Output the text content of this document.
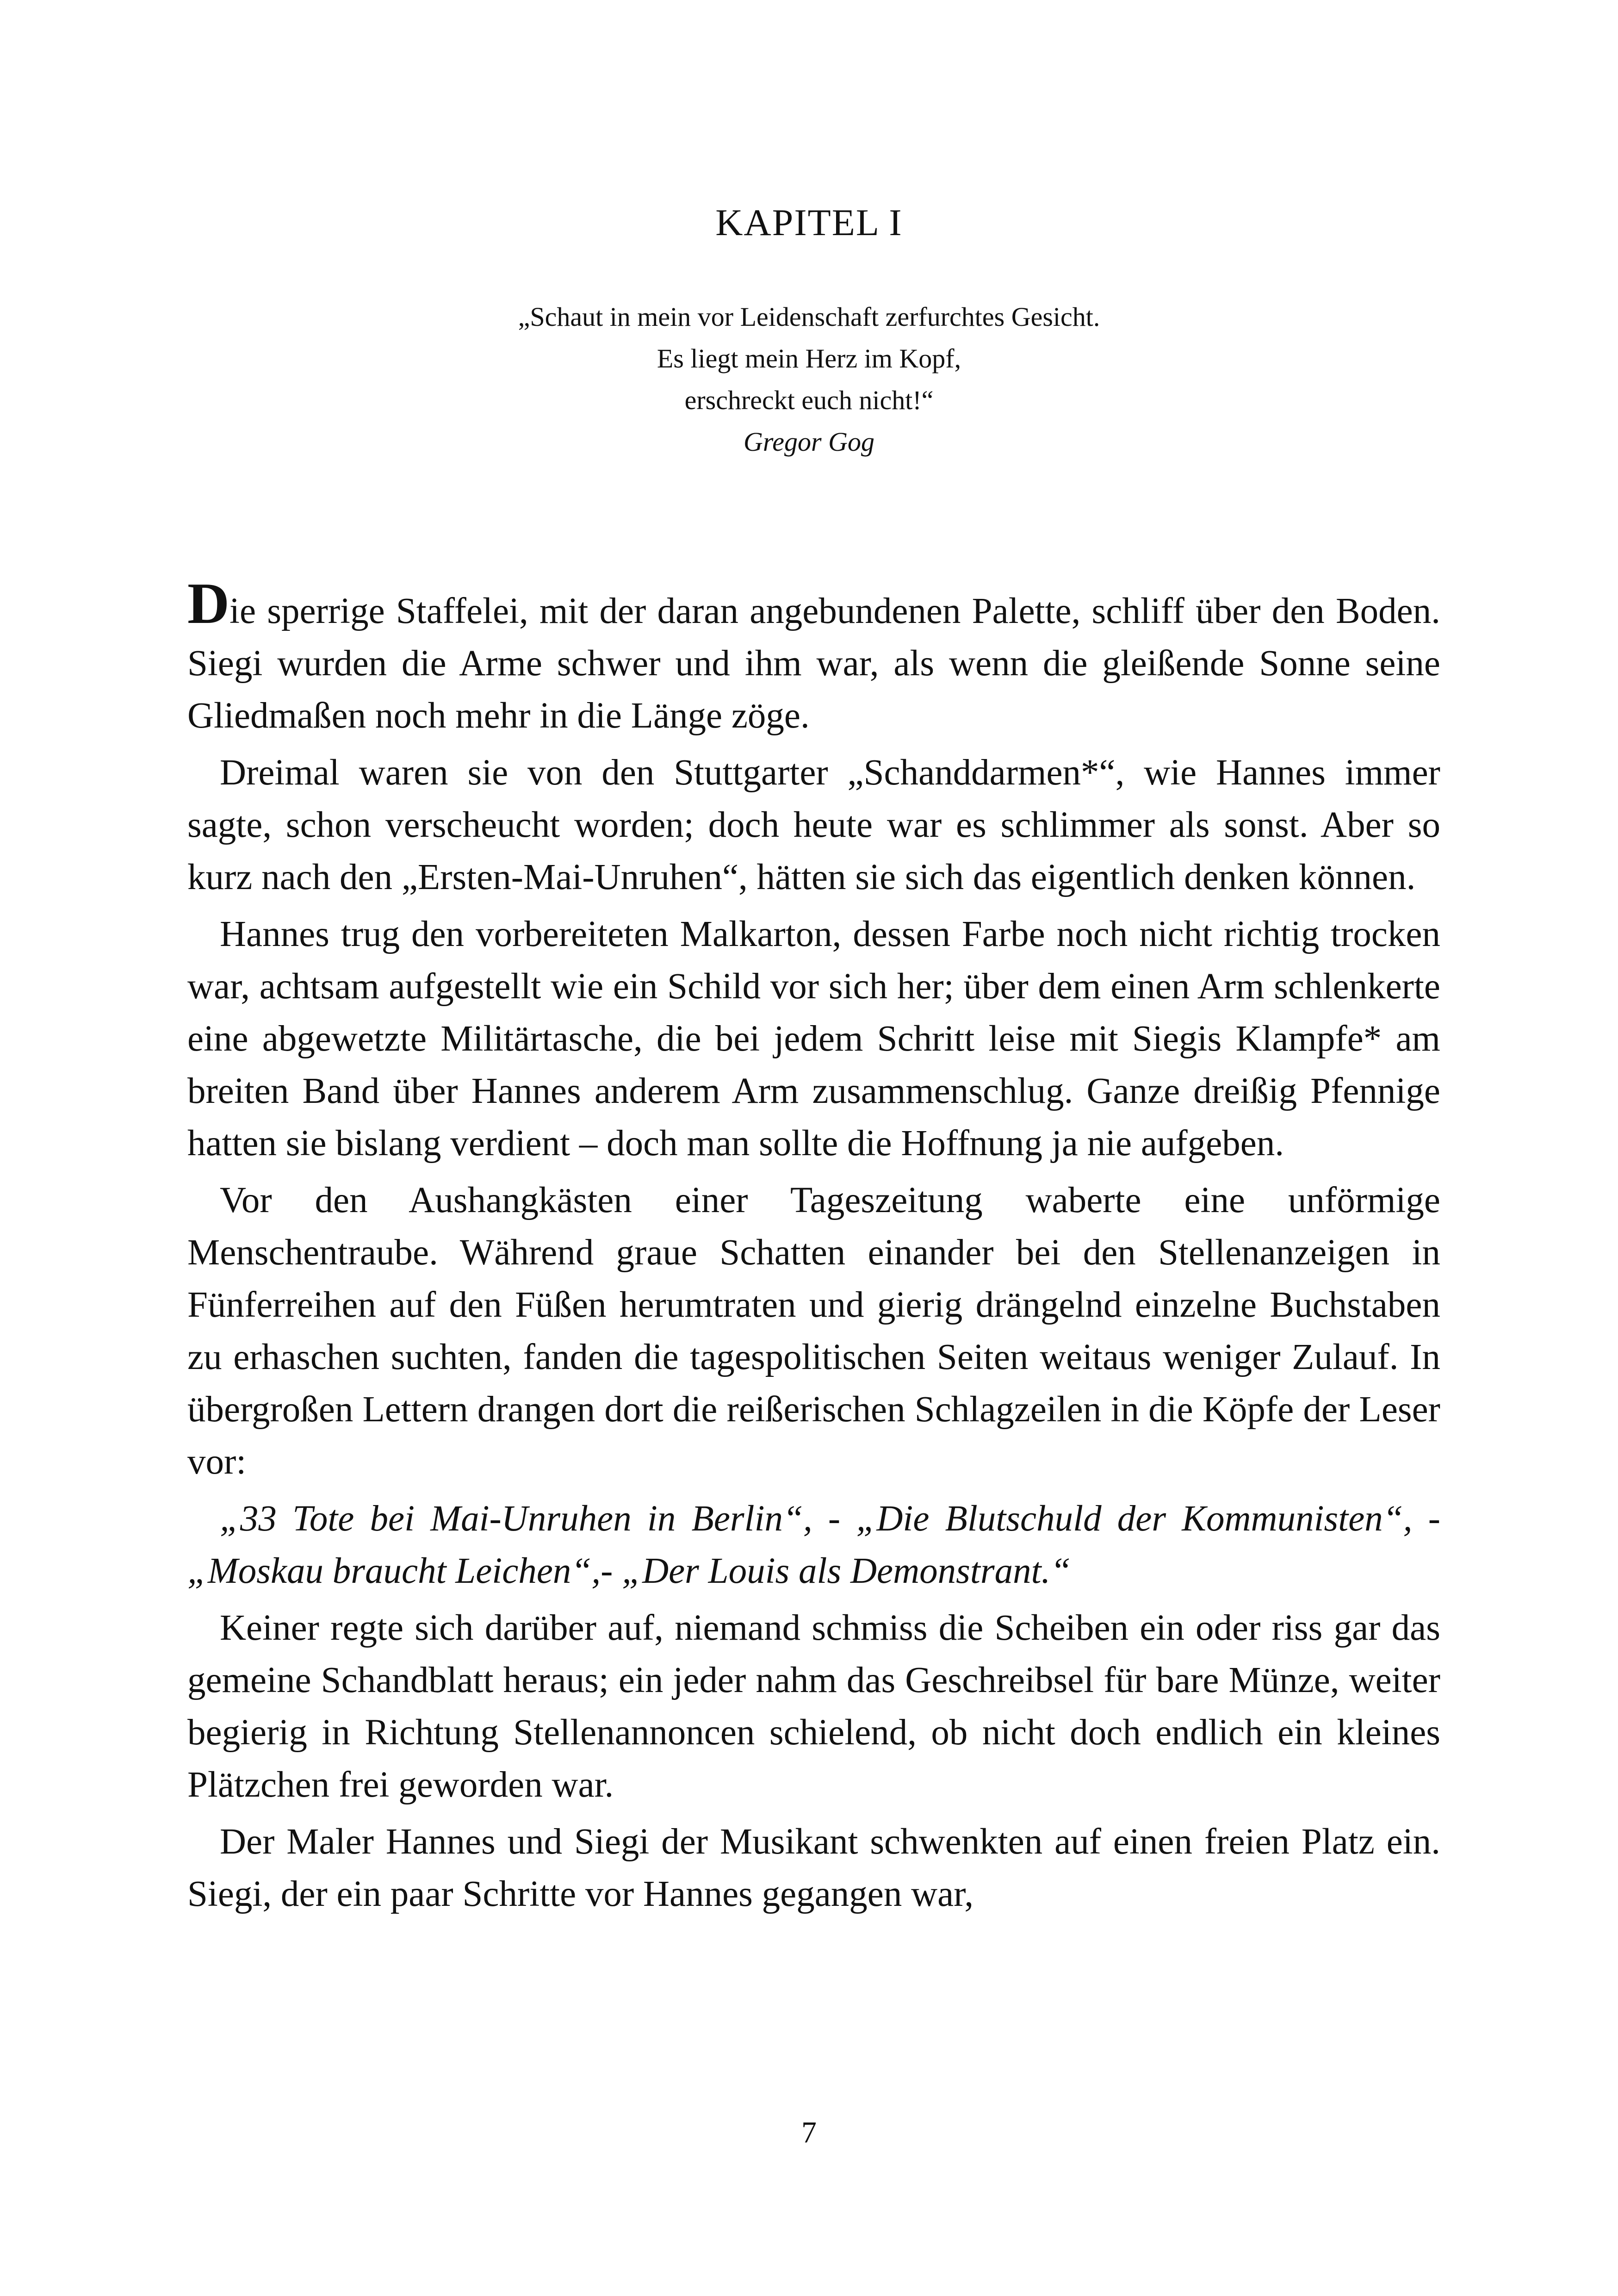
KAPITEL I
„Schaut in mein vor Leidenschaft zerfurchtes Gesicht.
Es liegt mein Herz im Kopf,
erschreckt euch nicht!“
Gregor Gog

Die sperrige Staffelei, mit der daran angebundenen Palette, schliff über den Boden. Siegi wurden die Arme schwer und ihm war, als wenn die gleißende Sonne seine Gliedmaßen noch mehr in die Länge zöge.

Dreimal waren sie von den Stuttgarter „Schanddarmen*“, wie Hannes immer sagte, schon verscheucht worden; doch heute war es schlimmer als sonst. Aber so kurz nach den „Ersten-Mai-Unruhen“, hätten sie sich das eigentlich denken können.

Hannes trug den vorbereiteten Malkarton, dessen Farbe noch nicht richtig trocken war, achtsam aufgestellt wie ein Schild vor sich her; über dem einen Arm schlenkerte eine abgewetzte Militärtasche, die bei jedem Schritt leise mit Siegis Klampfe* am breiten Band über Hannes anderem Arm zusammenschlug. Ganze dreißig Pfennige hatten sie bislang verdient – doch man sollte die Hoffnung ja nie aufgeben.

Vor den Aushangkästen einer Tageszeitung waberte eine unförmige Menschentraube. Während graue Schatten einander bei den Stellenanzeigen in Fünferreihen auf den Füßen herumtraten und gierig drängelnd einzelne Buchstaben zu erhaschen suchten, fanden die tagespolitischen Seiten weitaus weniger Zulauf. In übergroßen Lettern drangen dort die reißerischen Schlagzeilen in die Köpfe der Leser vor:

„33 Tote bei Mai-Unruhen in Berlin“, - „Die Blutschuld der Kommunisten“, - „Moskau braucht Leichen“,- „Der Louis als Demonstrant.“

Keiner regte sich darüber auf, niemand schmiss die Scheiben ein oder riss gar das gemeine Schandblatt heraus; ein jeder nahm das Geschreibsel für bare Münze, weiter begierig in Richtung Stellenannoncen schielend, ob nicht doch endlich ein kleines Plätzchen frei geworden war.

Der Maler Hannes und Siegi der Musikant schwenkten auf einen freien Platz ein. Siegi, der ein paar Schritte vor Hannes gegangen war,

7
